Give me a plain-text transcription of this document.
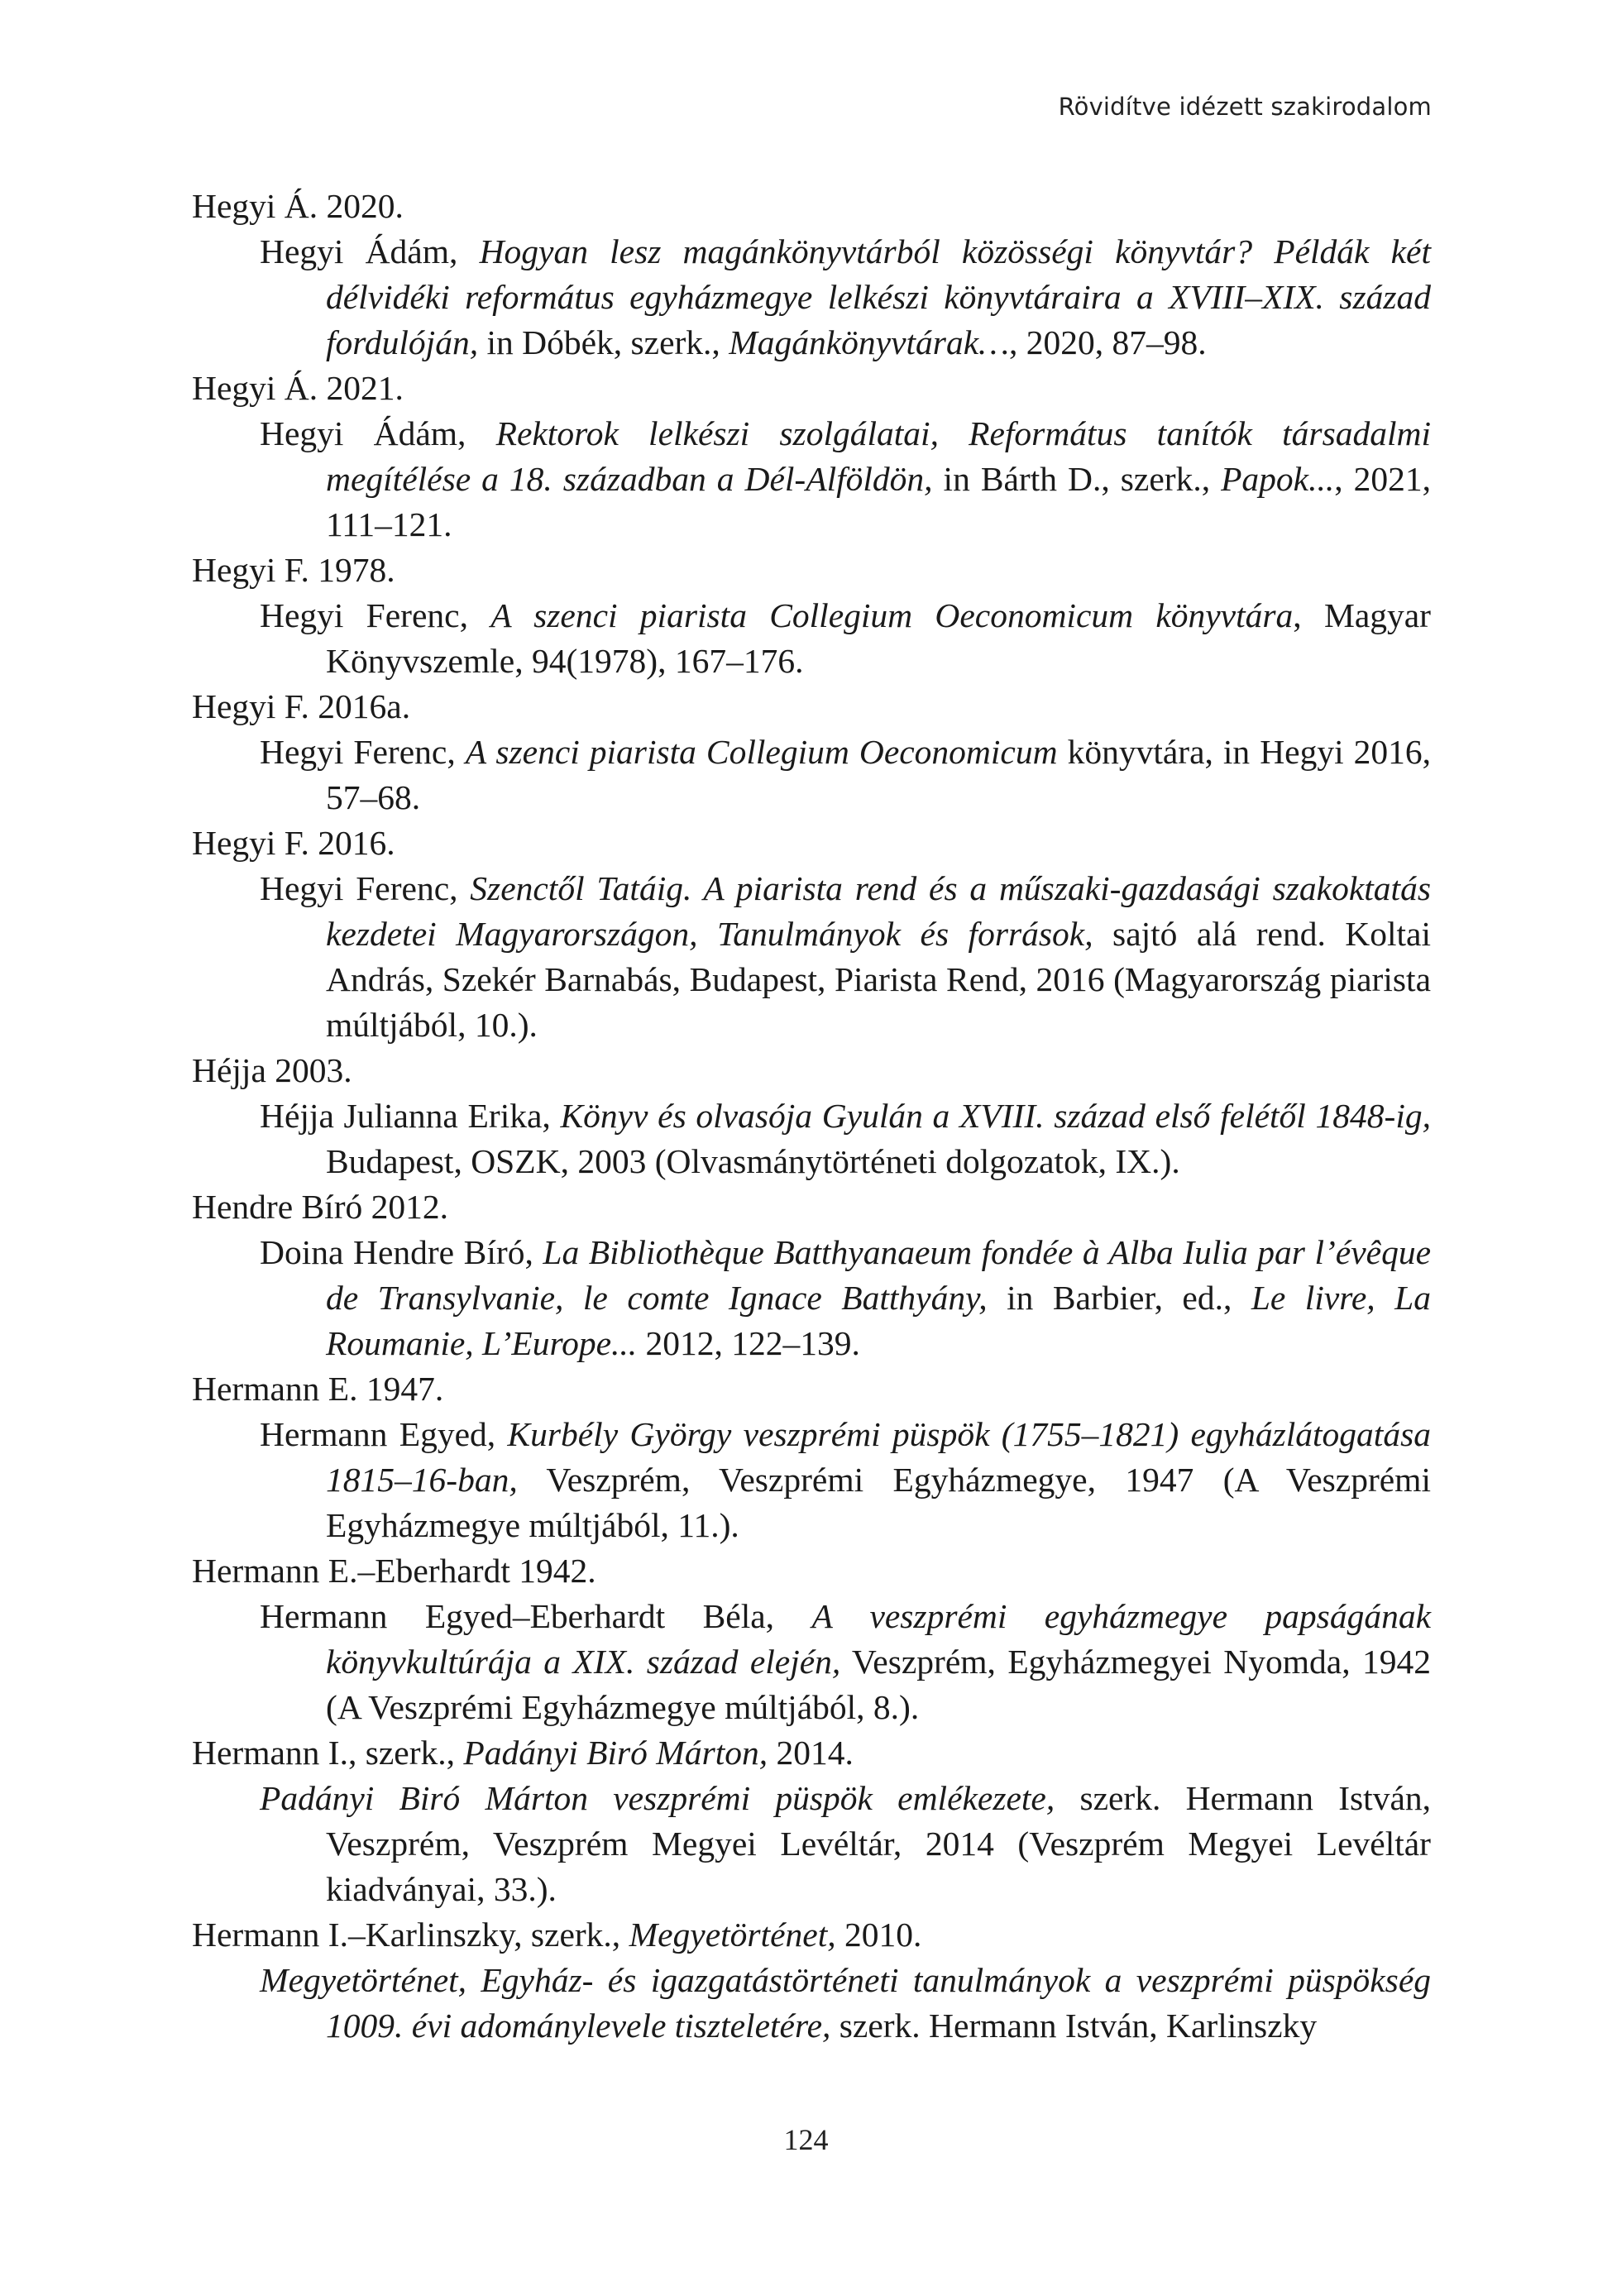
Rövidítve idézett szakirodalom
Hegyi Á. 2020.
Hegyi Ádám, Hogyan lesz magánkönyvtárból közösségi könyvtár? Példák két délvidéki református egyházmegye lelkészi könyvtáraira a XVIII–XIX. század fordulóján, in Dóbék, szerk., Magánkönyvtárak…, 2020, 87–98.
Hegyi Á. 2021.
Hegyi Ádám, Rektorok lelkészi szolgálatai, Református tanítók társadalmi megítélése a 18. században a Dél-Alföldön, in Bárth D., szerk., Papok..., 2021, 111–121.
Hegyi F. 1978.
Hegyi Ferenc, A szenci piarista Collegium Oeconomicum könyvtára, Magyar Könyvszemle, 94(1978), 167–176.
Hegyi F. 2016a.
Hegyi Ferenc, A szenci piarista Collegium Oeconomicum könyvtára, in Hegyi 2016, 57–68.
Hegyi F. 2016.
Hegyi Ferenc, Szenctől Tatáig. A piarista rend és a műszaki-gazdasági szakoktatás kezdetei Magyarországon, Tanulmányok és források, sajtó alá rend. Koltai András, Szekér Barnabás, Budapest, Piarista Rend, 2016 (Magyarország piarista múltjából, 10.).
Héjja 2003.
Héjja Julianna Erika, Könyv és olvasója Gyulán a XVIII. század első felétől 1848-ig, Budapest, OSZK, 2003 (Olvasmánytörténeti dolgozatok, IX.).
Hendre Bíró 2012.
Doina Hendre Bíró, La Bibliothèque Batthyanaeum fondée à Alba Iulia par l’évêque de Transylvanie, le comte Ignace Batthyány, in Barbier, ed., Le livre, La Roumanie, L’Europe... 2012, 122–139.
Hermann E. 1947.
Hermann Egyed, Kurbély György veszprémi püspök (1755–1821) egyházlátogatása 1815–16-ban, Veszprém, Veszprémi Egyházmegye, 1947 (A Veszprémi Egyházmegye múltjából, 11.).
Hermann E.–Eberhardt 1942.
Hermann Egyed–Eberhardt Béla, A veszprémi egyházmegye papságának könyvkultúrája a XIX. század elején, Veszprém, Egyházmegyei Nyomda, 1942 (A Veszprémi Egyházmegye múltjából, 8.).
Hermann I., szerk., Padányi Biró Márton, 2014.
Padányi Biró Márton veszprémi püspök emlékezete, szerk. Hermann István, Veszprém, Veszprém Megyei Levéltár, 2014 (Veszprém Megyei Levéltár kiadványai, 33.).
Hermann I.–Karlinszky, szerk., Megyetörténet, 2010.
Megyetörténet, Egyház- és igazgatástörténeti tanulmányok a veszprémi püspökség 1009. évi adománylevele tiszteletére, szerk. Hermann István, Karlinszky
124
